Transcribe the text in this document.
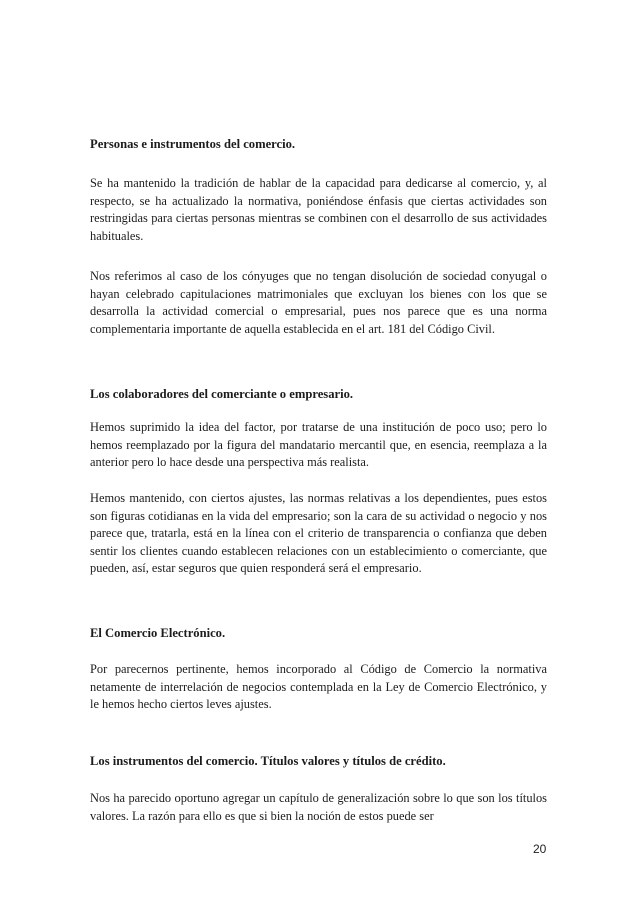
Personas e instrumentos del comercio.

Se ha mantenido la tradición de hablar de la capacidad para dedicarse al comercio, y, al respecto, se ha actualizado la normativa, poniéndose énfasis que ciertas actividades son restringidas para ciertas personas mientras se combinen con el desarrollo de sus actividades habituales.

Nos referimos al caso de los cónyuges que no tengan disolución de sociedad conyugal o hayan celebrado capitulaciones matrimoniales que excluyan los bienes con los que se desarrolla la actividad comercial o empresarial, pues nos parece que es una norma complementaria importante de aquella establecida en el art. 181 del Código Civil.

Los colaboradores del comerciante o empresario.

Hemos suprimido la idea del factor, por tratarse de una institución de poco uso; pero lo hemos reemplazado por la figura del mandatario mercantil que, en esencia, reemplaza a la anterior pero lo hace desde una perspectiva más realista.

Hemos mantenido, con ciertos ajustes, las normas relativas a los dependientes, pues estos son figuras cotidianas en la vida del empresario; son la cara de su actividad o negocio y nos parece que, tratarla, está en la línea con el criterio de transparencia o confianza que deben sentir los clientes cuando establecen relaciones con un establecimiento o comerciante, que pueden, así, estar seguros que quien responderá será el empresario.

El Comercio Electrónico.

Por parecernos pertinente, hemos incorporado al Código de Comercio la normativa netamente de interrelación de negocios contemplada en la Ley de Comercio Electrónico, y le hemos hecho ciertos leves ajustes.

Los instrumentos del comercio. Títulos valores y títulos de crédito.

Nos ha parecido oportuno agregar un capítulo de generalización sobre lo que son los títulos valores. La razón para ello es que si bien la noción de estos puede ser

20
